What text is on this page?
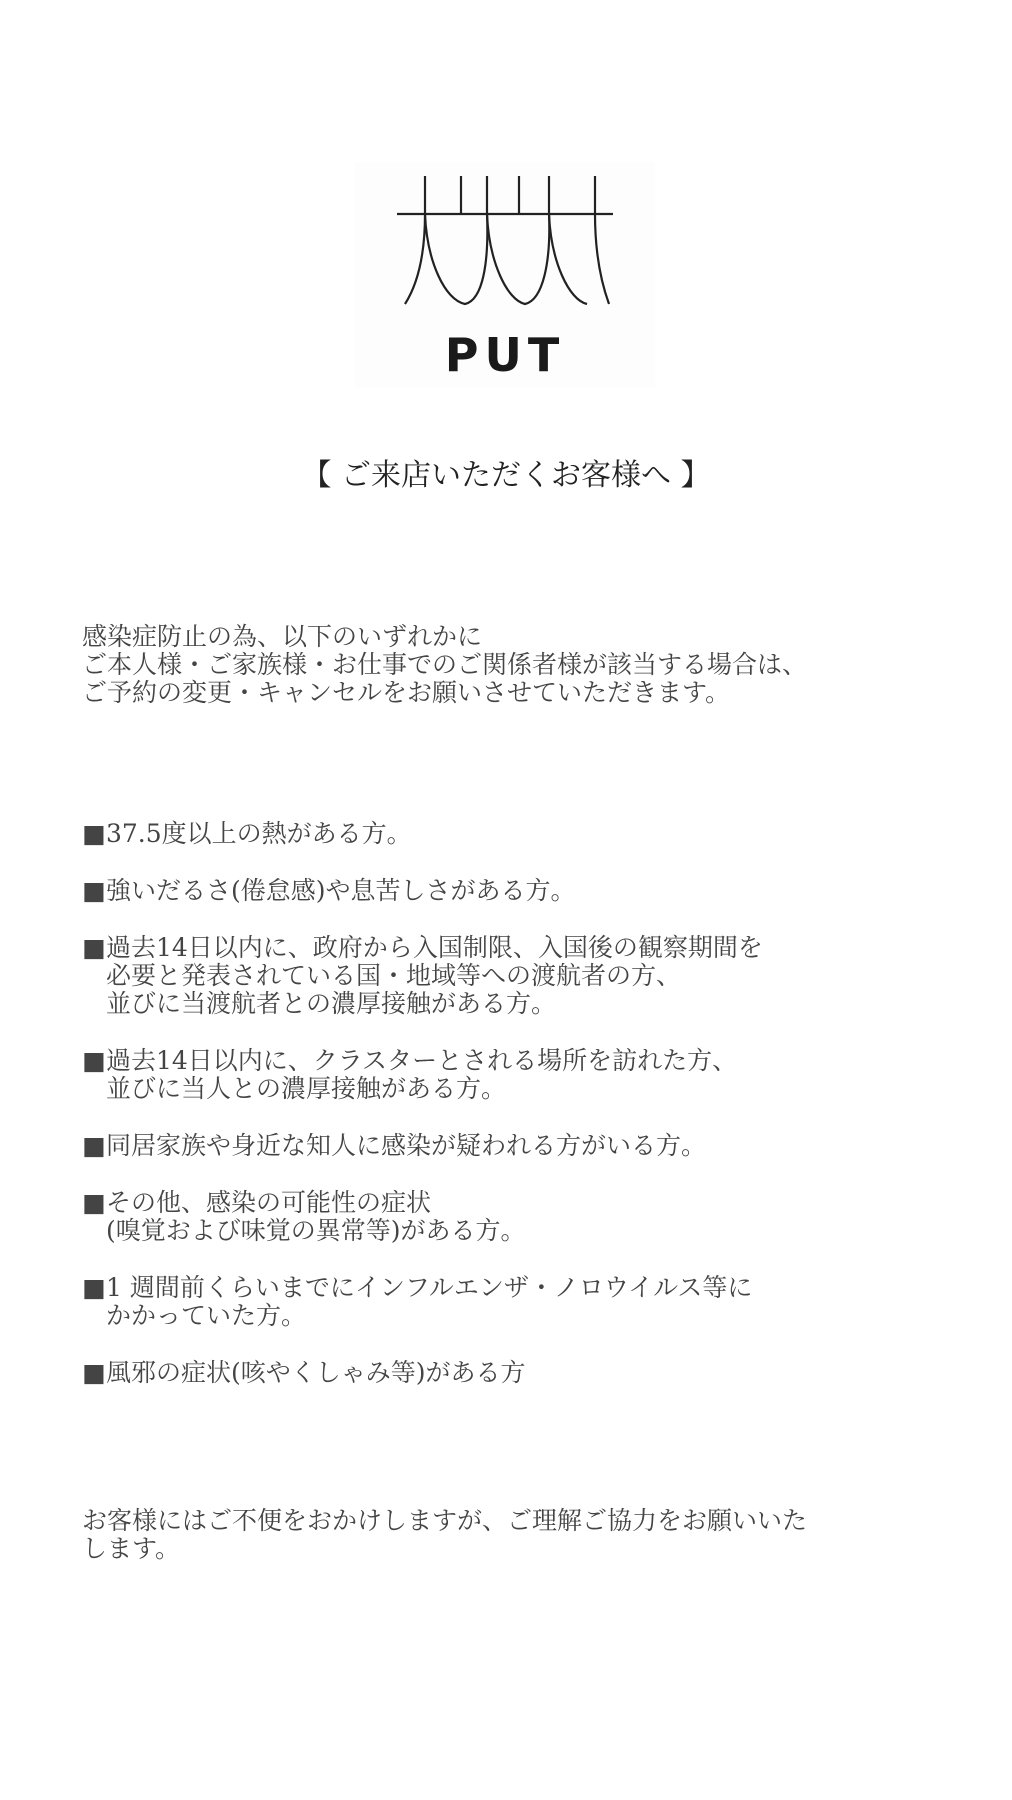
PUT
【 ご来店いただくお客様へ 】
感染症防止の為、以下のいずれかに
ご本人様・ご家族様・お仕事でのご関係者様が該当する場合は、
ご予約の変更・キャンセルをお願いさせていただきます。
■ 37.5度以上の熱がある方。
■ 強いだるさ(倦怠感)や息苦しさがある方。
■ 過去14日以内に、政府から入国制限、入国後の観察期間を
必要と発表されている国・地域等への渡航者の方、
並びに当渡航者との濃厚接触がある方。
■ 過去14日以内に、クラスターとされる場所を訪れた方、
並びに当人との濃厚接触がある方。
■ 同居家族や身近な知人に感染が疑われる方がいる方。
■ その他、感染の可能性の症状
(嗅覚および味覚の異常等)がある方。
■ 1 週間前くらいまでにインフルエンザ・ノロウイルス等に
かかっていた方。
■ 風邪の症状(咳やくしゃみ等)がある方
お客様にはご不便をおかけしますが、ご理解ご協力をお願いいた
します。
